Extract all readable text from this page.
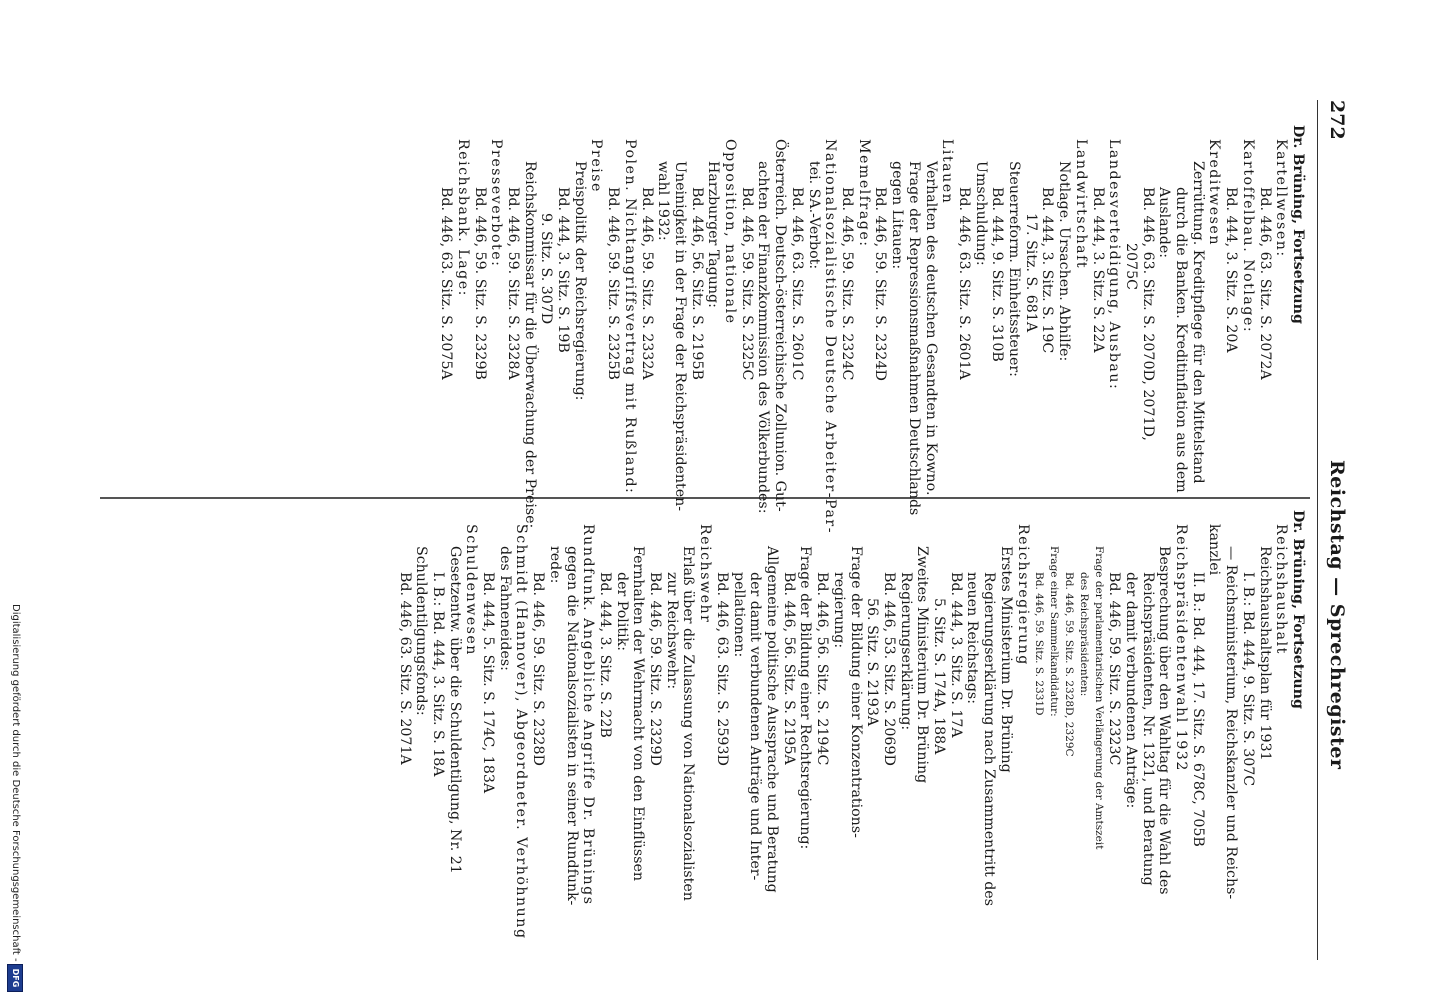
272
Reichstag — Sprechregister
Dr. Brüning, Fortsetzung
Kartellwesen:
Bd. 446, 63. Sitz. S. 2072A
Kartoffelbau. Notlage:
Bd. 444, 3. Sitz. S. 20A
Kreditwesen
Zerrüttung. Kreditpflege für den Mittelstand
durch die Banken. Kreditinflation aus dem
Auslande:
Bd. 446, 63. Sitz. S. 2070D, 2071D,
2075C
Landesverteidigung, Ausbau:
Bd. 444, 3. Sitz. S. 22A
Landwirtschaft
Notlage. Ursachen. Abhilfe:
Bd. 444, 3. Sitz. S. 19C
17. Sitz. S. 681A
Steuerreform. Einheitssteuer:
Bd. 444, 9. Sitz. S. 310B
Umschuldung:
Bd. 446, 63. Sitz. S. 2601A
Litauen
Verhalten des deutschen Gesandten in Kowno.
Frage der Repressionsmaßnahmen Deutschlands
gegen Litauen:
Bd. 446, 59. Sitz. S. 2324D
Memelfrage:
Bd. 446, 59. Sitz. S. 2324C
Nationalsozialistische Deutsche Arbeiter-Par-
tei. SA.-Verbot:
Bd. 446, 63. Sitz. S. 2601C
Österreich. Deutsch-österreichische Zollunion. Gut-
achten der Finanzkommission des Völkerbundes:
Bd. 446, 59. Sitz. S. 2325C
Opposition, nationale
Harzburger Tagung:
Bd. 446, 56. Sitz. S. 2195B
Uneinigkeit in der Frage der Reichspräsidenten-
wahl 1932:
Bd. 446, 59. Sitz. S. 2332A
Polen. Nichtangriffsvertrag mit Rußland:
Bd. 446, 59. Sitz. S. 2325B
Preise
Preispolitik der Reichsregierung:
Bd. 444, 3. Sitz. S. 19B
9. Sitz. S. 307D
Reichskommissar für die Überwachung der Preise:
Bd. 446, 59. Sitz. S. 2328A
Presseverbote:
Bd. 446, 59. Sitz. S. 2329B
Reichsbank. Lage:
Bd. 446, 63. Sitz. S. 2075A
Dr. Brüning, Fortsetzung
Reichshaushalt
Reichshaushaltsplan für 1931
I. B.: Bd. 444, 9. Sitz. S. 307C
— Reichsministerium, Reichskanzler und Reichs-
kanzlei
II. B.: Bd. 444, 17. Sitz. S. 678C, 705B
Reichspräsidentenwahl 1932
Besprechung über den Wahltag für die Wahl des
Reichspräsidenten, Nr. 1321, und Beratung
der damit verbundenen Anträge:
Bd. 446, 59. Sitz. S. 2323C
Frage der parlamentarischen Verlängerung der Amtszeit
des Reichspräsidenten:
Bd. 446, 59. Sitz. S. 2328D, 2329C
Frage einer Sammelkandidatur:
Bd. 446, 59. Sitz. S. 2331D
Reichsregierung
Erstes Ministerium Dr. Brüning
Regierungserklärung nach Zusammentritt des
neuen Reichstags:
Bd. 444, 3. Sitz. S. 17A
5. Sitz. S. 174A, 188A
Zweites Ministerium Dr. Brüning
Regierungserklärung:
Bd. 446, 53. Sitz. S. 2069D
56. Sitz. S. 2193A
Frage der Bildung einer Konzentrations-
regierung:
Bd. 446, 56. Sitz. S. 2194C
Frage der Bildung einer Rechtsregierung:
Bd. 446, 56. Sitz. S. 2195A
Allgemeine politische Aussprache und Beratung
der damit verbundenen Anträge und Inter-
pellationen:
Bd. 446, 63. Sitz. S. 2593D
Reichswehr
Erlaß über die Zulassung von Nationalsozialisten
zur Reichswehr:
Bd. 446, 59. Sitz. S. 2329D
Fernhalten der Wehrmacht von den Einflüssen
der Politik:
Bd. 444, 3. Sitz. S. 22B
Rundfunk. Angebliche Angriffe Dr. Brünings
gegen die Nationalsozialisten in seiner Rundfunk-
rede:
Bd. 446, 59. Sitz. S. 2328D
Schmidt (Hannover), Abgeordneter. Verhöhnung
des Fahneneides:
Bd. 444, 5. Sitz. S. 174C, 183A
Schuldenwesen
Gesetzentw. über die Schuldentilgung, Nr. 21
I. B.: Bd. 444, 3. Sitz. S. 18A
Schuldentilgungsfonds:
Bd. 446, 63. Sitz. S. 2071A
Digitalisierung gefördert durch die Deutsche Forschungsgemeinschaft -
DFG
